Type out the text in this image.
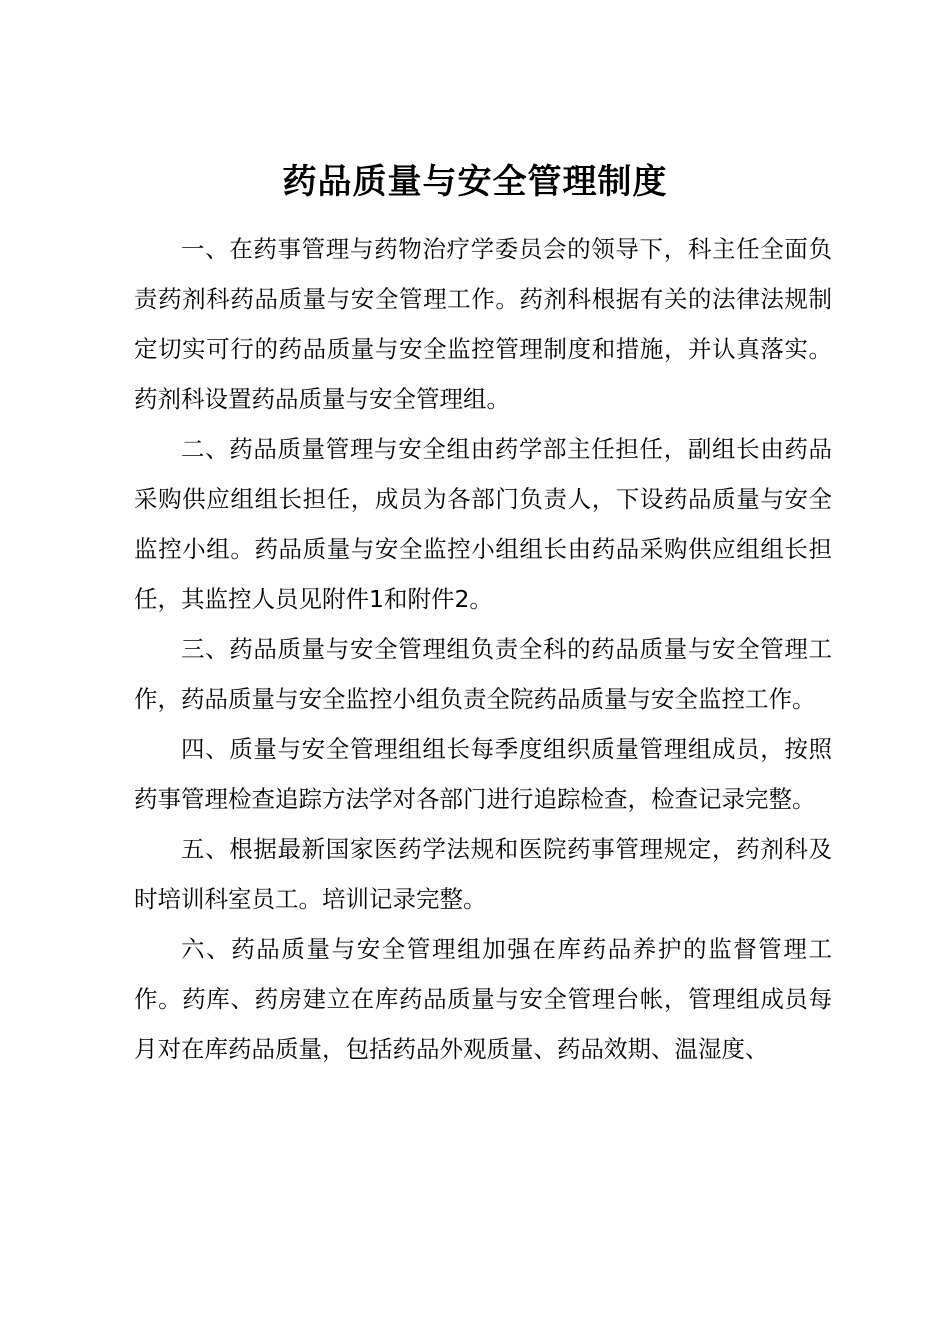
药品质量与安全管理制度

一、在药事管理与药物治疗学委员会的领导下，科主任全面负责药剂科药品质量与安全管理工作。药剂科根据有关的法律法规制定切实可行的药品质量与安全监控管理制度和措施，并认真落实。药剂科设置药品质量与安全管理组。

二、药品质量管理与安全组由药学部主任担任，副组长由药品采购供应组组长担任，成员为各部门负责人，下设药品质量与安全监控小组。药品质量与安全监控小组组长由药品采购供应组组长担任，其监控人员见附件1和附件2。

三、药品质量与安全管理组负责全科的药品质量与安全管理工作，药品质量与安全监控小组负责全院药品质量与安全监控工作。

四、质量与安全管理组组长每季度组织质量管理组成员，按照药事管理检查追踪方法学对各部门进行追踪检查，检查记录完整。

五、根据最新国家医药学法规和医院药事管理规定，药剂科及时培训科室员工。培训记录完整。

六、药品质量与安全管理组加强在库药品养护的监督管理工作。药库、药房建立在库药品质量与安全管理台帐，管理组成员每月对在库药品质量，包括药品外观质量、药品效期、温湿度、
